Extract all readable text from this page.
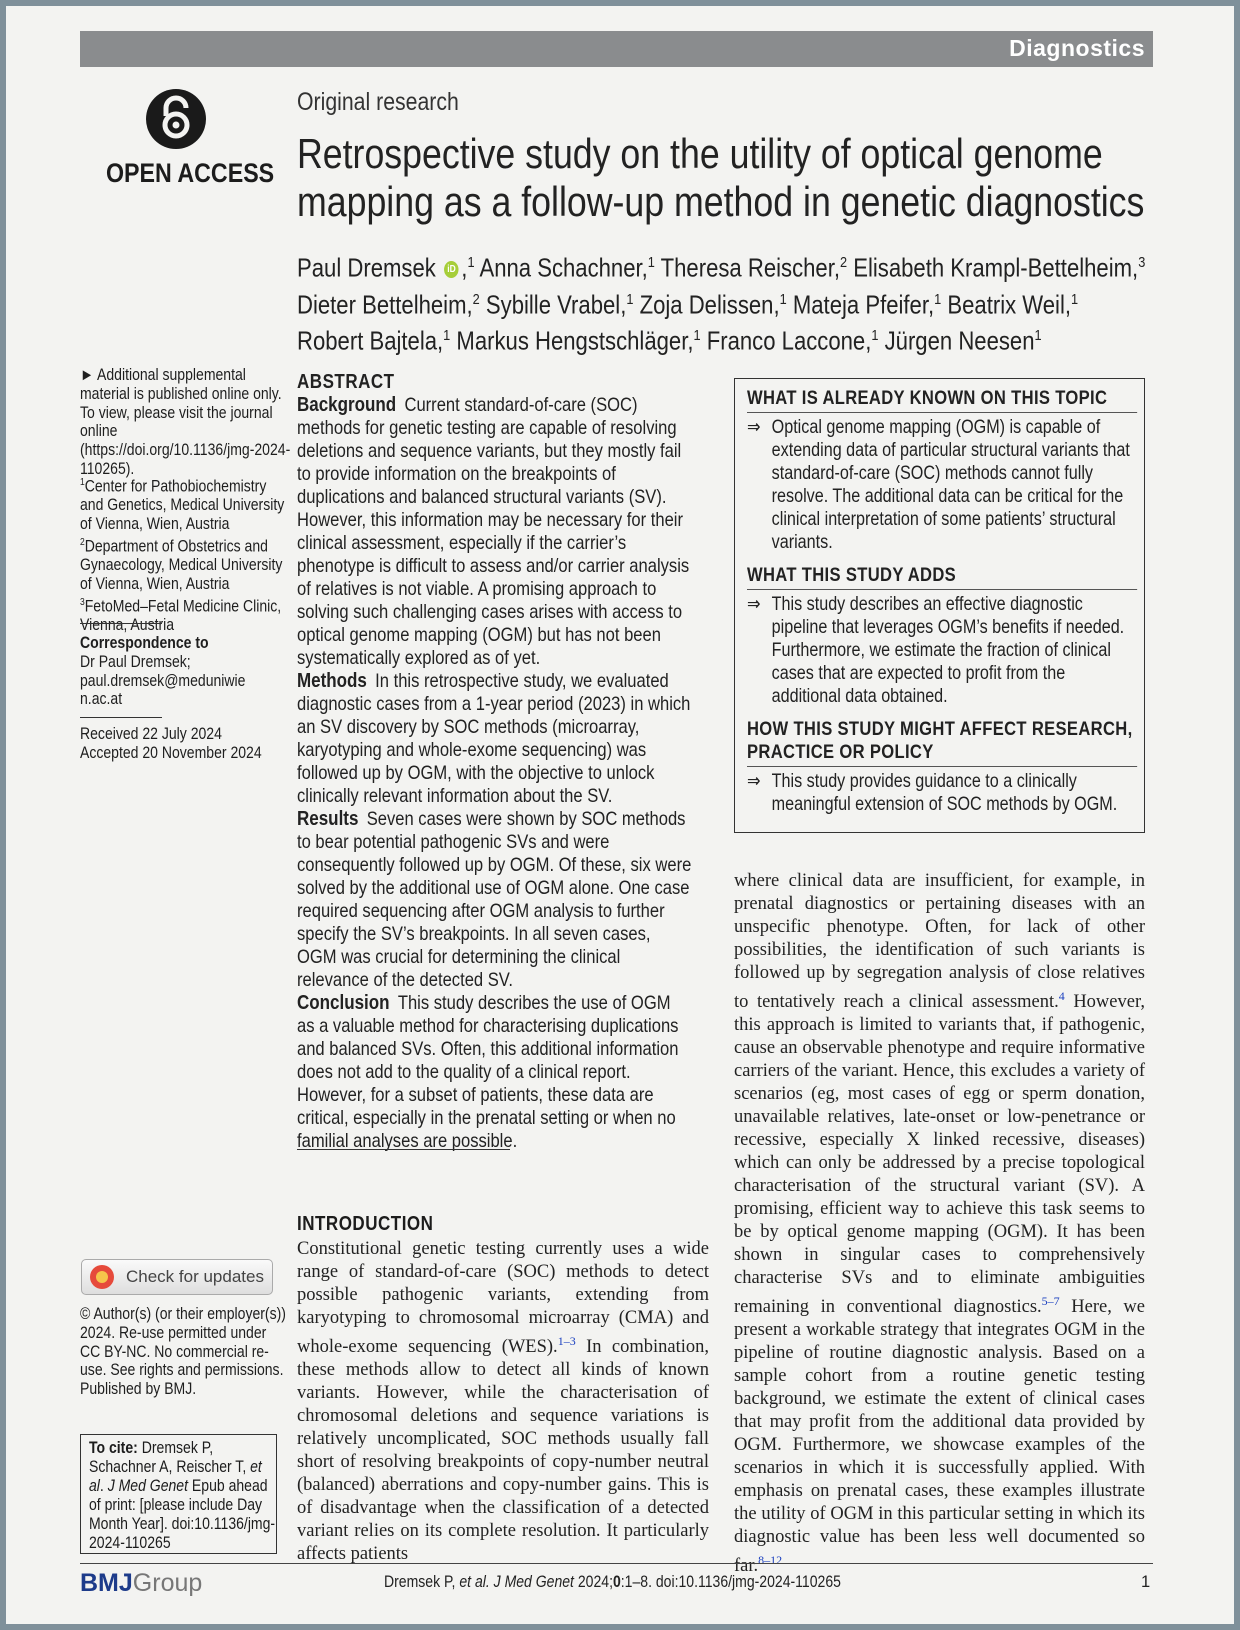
Diagnostics
OPEN ACCESS
Original research
Retrospective study on the utility of optical genome mapping as a follow-up method in genetic diagnostics
Paul Dremsek iD ,$^1$ Anna Schachner,$^1$ Theresa Reischer,$^2$ Elisabeth Krampl-Bettelheim,$^3$
Dieter Bettelheim,$^2$ Sybille Vrabel,$^1$ Zoja Delissen,$^1$ Mateja Pfeifer,$^1$ Beatrix Weil,$^1$
Robert Bajtela,$^1$ Markus Hengstschläger,$^1$ Franco Laccone,$^1$ Jürgen Neesen$^1$
► Additional supplemental material is published online only. To view, please visit the journal online (https://doi.org/10.1136/jmg-2024-110265).
$^1$Center for Pathobiochemistry and Genetics, Medical University of Vienna, Wien, Austria
$^2$Department of Obstetrics and Gynaecology, Medical University of Vienna, Wien, Austria
$^3$FetoMed–Fetal Medicine Clinic, Vienna, Austria
Correspondence to
Dr Paul Dremsek;
paul.dremsek@meduniwien.ac.at
Received 22 July 2024
Accepted 20 November 2024
Check for updates
© Author(s) (or their employer(s)) 2024. Re-use permitted under CC BY-NC. No commercial re-use. See rights and permissions. Published by BMJ.
To cite: Dremsek P, Schachner A, Reischer T, et al. J Med Genet Epub ahead of print: [please include Day Month Year]. doi:10.1136/jmg-2024-110265
ABSTRACT

Background  Current standard-of-care (SOC) methods for genetic testing are capable of resolving deletions and sequence variants, but they mostly fail to provide information on the breakpoints of duplications and balanced structural variants (SV). However, this information may be necessary for their clinical assessment, especially if the carrier’s phenotype is difficult to assess and/or carrier analysis of relatives is not viable. A promising approach to solving such challenging cases arises with access to optical genome mapping (OGM) but has not been systematically explored as of yet.

Methods  In this retrospective study, we evaluated diagnostic cases from a 1-year period (2023) in which an SV discovery by SOC methods (microarray, karyotyping and whole-exome sequencing) was followed up by OGM, with the objective to unlock clinically relevant information about the SV.

Results  Seven cases were shown by SOC methods to bear potential pathogenic SVs and were consequently followed up by OGM. Of these, six were solved by the additional use of OGM alone. One case required sequencing after OGM analysis to further specify the SV’s breakpoints. In all seven cases, OGM was crucial for determining the clinical relevance of the detected SV.

Conclusion  This study describes the use of OGM as a valuable method for characterising duplications and balanced SVs. Often, this additional information does not add to the quality of a clinical report. However, for a subset of patients, these data are critical, especially in the prenatal setting or when no familial analyses are possible.

INTRODUCTION

Constitutional genetic testing currently uses a wide range of standard-of-care (SOC) methods to detect possible pathogenic variants, extending from karyotyping to chromosomal microarray (CMA) and whole-exome sequencing (WES).$^{1-3}$ In combination, these methods allow to detect all kinds of known variants. However, while the characterisation of chromosomal deletions and sequence variations is relatively uncomplicated, SOC methods usually fall short of resolving breakpoints of copy-number neutral (balanced) aberrations and copy-number gains. This is of disadvantage when the classification of a detected variant relies on its complete resolution. It particularly affects patients

WHAT IS ALREADY KNOWN ON THIS TOPIC
⇒ Optical genome mapping (OGM) is capable of extending data of particular structural variants that standard-of-care (SOC) methods cannot fully resolve. The additional data can be critical for the clinical interpretation of some patients’ structural variants.
WHAT THIS STUDY ADDS
⇒ This study describes an effective diagnostic pipeline that leverages OGM’s benefits if needed. Furthermore, we estimate the fraction of clinical cases that are expected to profit from the additional data obtained.
HOW THIS STUDY MIGHT AFFECT RESEARCH, PRACTICE OR POLICY
⇒ This study provides guidance to a clinically meaningful extension of SOC methods by OGM.

where clinical data are insufficient, for example, in prenatal diagnostics or pertaining diseases with an unspecific phenotype. Often, for lack of other possibilities, the identification of such variants is followed up by segregation analysis of close relatives to tentatively reach a clinical assessment.$^4$ However, this approach is limited to variants that, if pathogenic, cause an observable phenotype and require informative carriers of the variant. Hence, this excludes a variety of scenarios (eg, most cases of egg or sperm donation, unavailable relatives, late-onset or low-penetrance or recessive, especially X linked recessive, diseases) which can only be addressed by a precise topological characterisation of the structural variant (SV). A promising, efficient way to achieve this task seems to be by optical genome mapping (OGM). It has been shown in singular cases to comprehensively characterise SVs and to eliminate ambiguities remaining in conventional diagnostics.$^{5-7}$ Here, we present a workable strategy that integrates OGM in the pipeline of routine diagnostic analysis. Based on a sample cohort from a routine genetic testing background, we estimate the extent of clinical cases that may profit from the additional data provided by OGM. Furthermore, we showcase examples of the scenarios in which it is successfully applied. With emphasis on prenatal cases, these examples illustrate the utility of OGM in this particular setting in which its diagnostic value has been less well documented so far.$^{8-12}$

BMJGroup	Dremsek P, et al. J Med Genet 2024;0:1–8. doi:10.1136/jmg-2024-110265	1
